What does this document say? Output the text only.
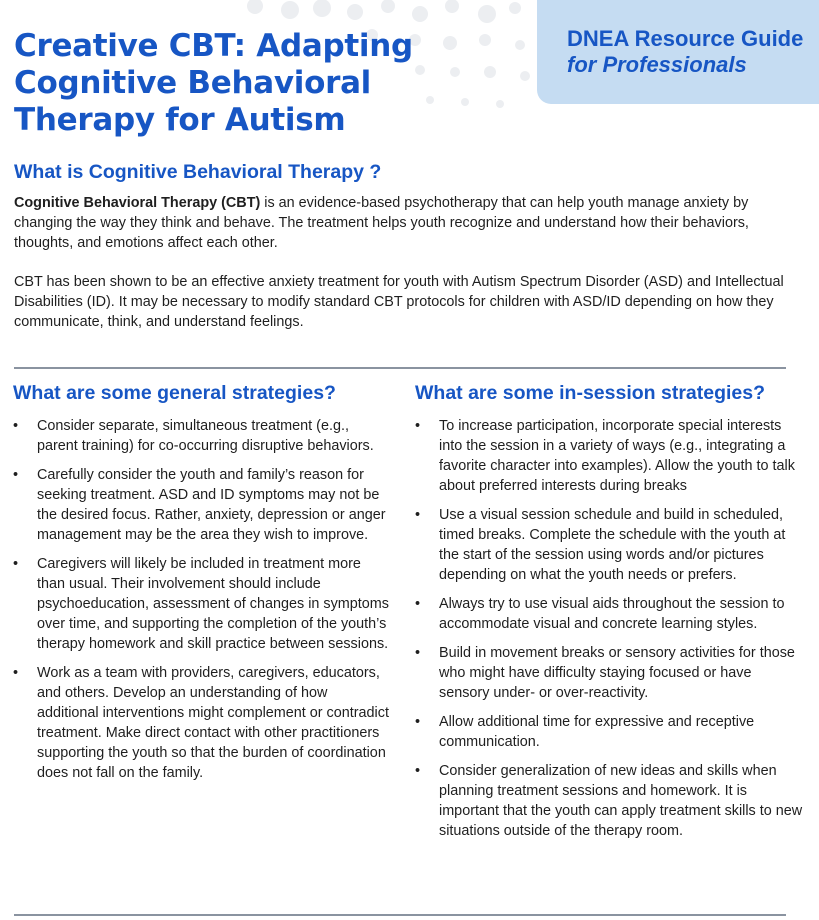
Creative CBT: Adapting
Cognitive Behavioral
Therapy for Autism
DNEA Resource Guide
for Professionals
What is Cognitive Behavioral Therapy ?

Cognitive Behavioral Therapy (CBT) is an evidence-based psychotherapy that can help youth manage anxiety by changing the way they think and behave. The treatment helps youth recognize and understand how their behaviors, thoughts, and emotions affect each other.

CBT has been shown to be an effective anxiety treatment for youth with Autism Spectrum Disorder (ASD) and Intellectual Disabilities (ID). It may be necessary to modify standard CBT protocols for children with ASD/ID depending on how they communicate, think, and understand feelings.

What are some general strategies?
• Consider separate, simultaneous treatment (e.g., parent training) for co-occurring disruptive behaviors.
• Carefully consider the youth and family’s reason for seeking treatment. ASD and ID symptoms may not be the desired focus. Rather, anxiety, depression or anger management may be the area they wish to improve.
• Caregivers will likely be included in treatment more than usual. Their involvement should include psychoeducation, assessment of changes in symptoms over time, and supporting the completion of the youth’s therapy homework and skill practice between sessions.
• Work as a team with providers, caregivers, educators, and others. Develop an understanding of how additional interventions might complement or contradict treatment. Make direct contact with other practitioners supporting the youth so that the burden of coordination does not fall on the family.
What are some in-session strategies?
• To increase participation, incorporate special interests into the session in a variety of ways (e.g., integrating a favorite character into examples). Allow the youth to talk about preferred interests during breaks
• Use a visual session schedule and build in scheduled, timed breaks. Complete the schedule with the youth at the start of the session using words and/or pictures depending on what the youth needs or prefers.
• Always try to use visual aids throughout the session to accommodate visual and concrete learning styles.
• Build in movement breaks or sensory activities for those who might have difficulty staying focused or have sensory under- or over-reactivity.
• Allow additional time for expressive and receptive communication.
• Consider generalization of new ideas and skills when planning treatment sessions and homework. It is important that the youth can apply treatment skills to new situations outside of the therapy room.
